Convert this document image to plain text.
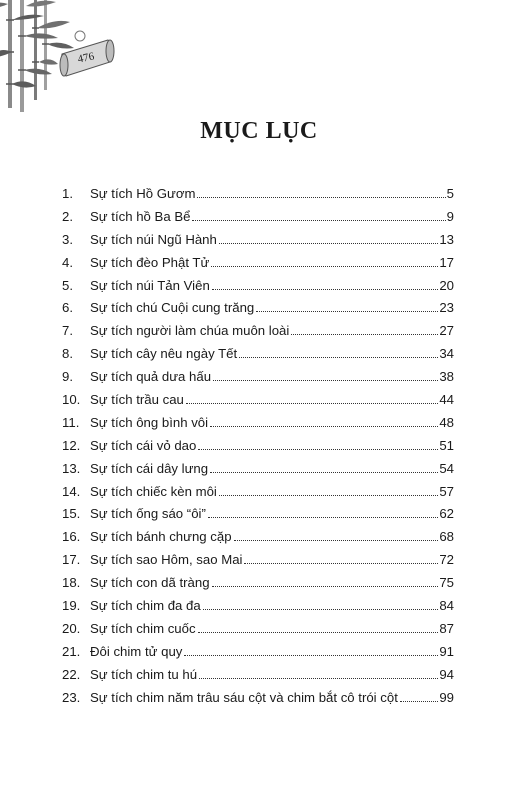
476
MỤC LỤC
1.	Sự tích Hồ Gươm	5
2.	Sự tích hồ Ba Bể	9
3.	Sự tích núi Ngũ Hành	13
4.	Sự tích đèo Phật Tử	17
5.	Sự tích núi Tản Viên	20
6.	Sự tích chú Cuội cung trăng	23
7.	Sự tích người làm chúa muôn loài	27
8.	Sự tích cây nêu ngày Tết	34
9.	Sự tích quả dưa hấu	38
10. Sự tích trầu cau	44
11. Sự tích ông bình vôi	48
12. Sự tích cái vỏ dao	51
13. Sự tích cái dây lưng	54
14. Sự tích chiếc kèn môi	57
15. Sự tích ống sáo “ôi”	62
16. Sự tích bánh chưng cặp	68
17. Sự tích sao Hôm, sao Mai	72
18. Sự tích con dã tràng	75
19. Sự tích chim đa đa	84
20. Sự tích chim cuốc	87
21. Đôi chim tử quy	91
22. Sự tích chim tu hú	94
23. Sự tích chim năm trâu sáu cột và chim bắt cô trói cột	99
